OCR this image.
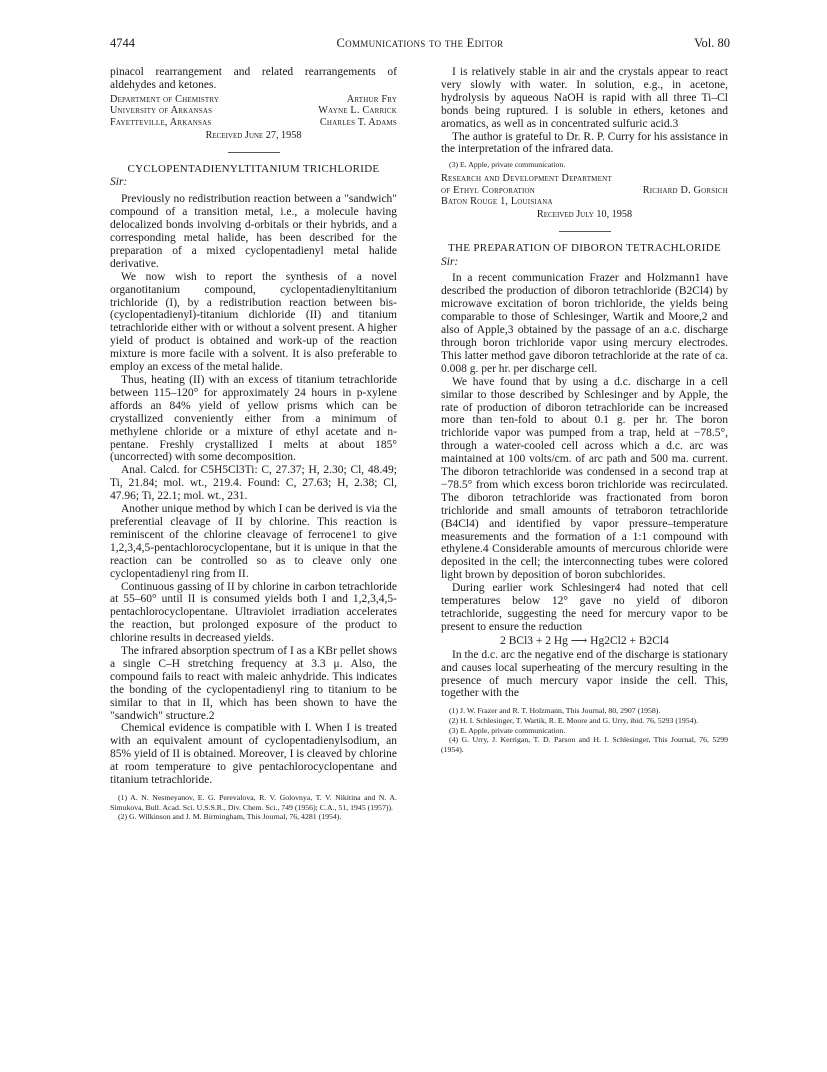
4744	Communications to the Editor	Vol. 80

pinacol rearrangement and related rearrangements of aldehydes and ketones.

Department of Chemistry	Arthur Fry
University of Arkansas	Wayne L. Carrick
Fayetteville, Arkansas	Charles T. Adams
Received June 27, 1958
CYCLOPENTADIENYLTITANIUM TRICHLORIDE
Sir:

Previously no redistribution reaction between a "sandwich" compound of a transition metal, i.e., a molecule having delocalized bonds involving d-orbitals or their hybrids, and a corresponding metal halide, has been described for the preparation of a mixed cyclopentadienyl metal halide derivative.

We now wish to report the synthesis of a novel organotitanium compound, cyclopentadienyltitanium trichloride (I), by a redistribution reaction between bis-(cyclopentadienyl)-titanium dichloride (II) and titanium tetrachloride either with or without a solvent present. A higher yield of product is obtained and work-up of the reaction mixture is more facile with a solvent. It is also preferable to employ an excess of the metal halide.

Thus, heating (II) with an excess of titanium tetrachloride between 115–120° for approximately 24 hours in p-xylene affords an 84% yield of yellow prisms which can be crystallized conveniently either from a minimum of methylene chloride or a mixture of ethyl acetate and n-pentane. Freshly crystallized I melts at about 185° (uncorrected) with some decomposition.

Anal. Calcd. for C5H5Cl3Ti: C, 27.37; H, 2.30; Cl, 48.49; Ti, 21.84; mol. wt., 219.4. Found: C, 27.63; H, 2.38; Cl, 47.96; Ti, 22.1; mol. wt., 231.

Another unique method by which I can be derived is via the preferential cleavage of II by chlorine. This reaction is reminiscent of the chlorine cleavage of ferrocene1 to give 1,2,3,4,5-pentachlorocyclopentane, but it is unique in that the reaction can be controlled so as to cleave only one cyclopentadienyl ring from II.

Continuous gassing of II by chlorine in carbon tetrachloride at 55–60° until II is consumed yields both I and 1,2,3,4,5-pentachlorocyclopentane. Ultraviolet irradiation accelerates the reaction, but prolonged exposure of the product to chlorine results in decreased yields.

The infrared absorption spectrum of I as a KBr pellet shows a single C–H stretching frequency at 3.3 μ. Also, the compound fails to react with maleic anhydride. This indicates the bonding of the cyclopentadienyl ring to titanium to be similar to that in II, which has been shown to have the "sandwich" structure.2

Chemical evidence is compatible with I. When I is treated with an equivalent amount of cyclopentadienylsodium, an 85% yield of II is obtained. Moreover, I is cleaved by chlorine at room temperature to give pentachlorocyclopentane and titanium tetrachloride.

(1) A. N. Nesmeyanov, E. G. Perevalova, R. V. Golovnya, T. V. Nikitina and N. A. Simukova, Bull. Acad. Sci. U.S.S.R., Div. Chem. Sci., 749 (1956); C.A., 51, 1945 (1957)).

(2) G. Wilkinson and J. M. Birmingham, This Journal, 76, 4281 (1954).

I is relatively stable in air and the crystals appear to react very slowly with water. In solution, e.g., in acetone, hydrolysis by aqueous NaOH is rapid with all three Ti–Cl bonds being ruptured. I is soluble in ethers, ketones and aromatics, as well as in concentrated sulfuric acid.3

The author is grateful to Dr. R. P. Curry for his assistance in the interpretation of the infrared data.

(3) E. Apple, private communication.

Research and Development Department
of Ethyl Corporation	Richard D. Gorsich
Baton Rouge 1, Louisiana
Received July 10, 1958
THE PREPARATION OF DIBORON TETRACHLORIDE
Sir:

In a recent communication Frazer and Holzmann1 have described the production of diboron tetrachloride (B2Cl4) by microwave excitation of boron trichloride, the yields being comparable to those of Schlesinger, Wartik and Moore,2 and also of Apple,3 obtained by the passage of an a.c. discharge through boron trichloride vapor using mercury electrodes. This latter method gave diboron tetrachloride at the rate of ca. 0.008 g. per hr. per discharge cell.

We have found that by using a d.c. discharge in a cell similar to those described by Schlesinger and by Apple, the rate of production of diboron tetrachloride can be increased more than ten-fold to about 0.1 g. per hr. The boron trichloride vapor was pumped from a trap, held at −78.5°, through a water-cooled cell across which a d.c. arc was maintained at 100 volts/cm. of arc path and 500 ma. current. The diboron tetrachloride was condensed in a second trap at −78.5° from which excess boron trichloride was recirculated. The diboron tetrachloride was fractionated from boron trichloride and small amounts of tetraboron tetrachloride (B4Cl4) and identified by vapor pressure–temperature measurements and the formation of a 1:1 compound with ethylene.4 Considerable amounts of mercurous chloride were deposited in the cell; the interconnecting tubes were colored light brown by deposition of boron subchlorides.

During earlier work Schlesinger4 had noted that cell temperatures below 12° gave no yield of diboron tetrachloride, suggesting the need for mercury vapor to be present to ensure the reduction

2 BCl3 + 2 Hg ⟶ Hg2Cl2 + B2Cl4

In the d.c. arc the negative end of the discharge is stationary and causes local superheating of the mercury resulting in the presence of much mercury vapor inside the cell. This, together with the

(1) J. W. Frazer and R. T. Holzmann, This Journal, 80, 2907 (1958).

(2) H. I. Schlesinger, T. Wartik, R. E. Moore and G. Urry, ibid. 76, 5293 (1954).

(3) E. Apple, private communication.

(4) G. Urry, J. Kerrigan, T. D. Parson and H. I. Schlesinger, This Journal, 76, 5299 (1954).
